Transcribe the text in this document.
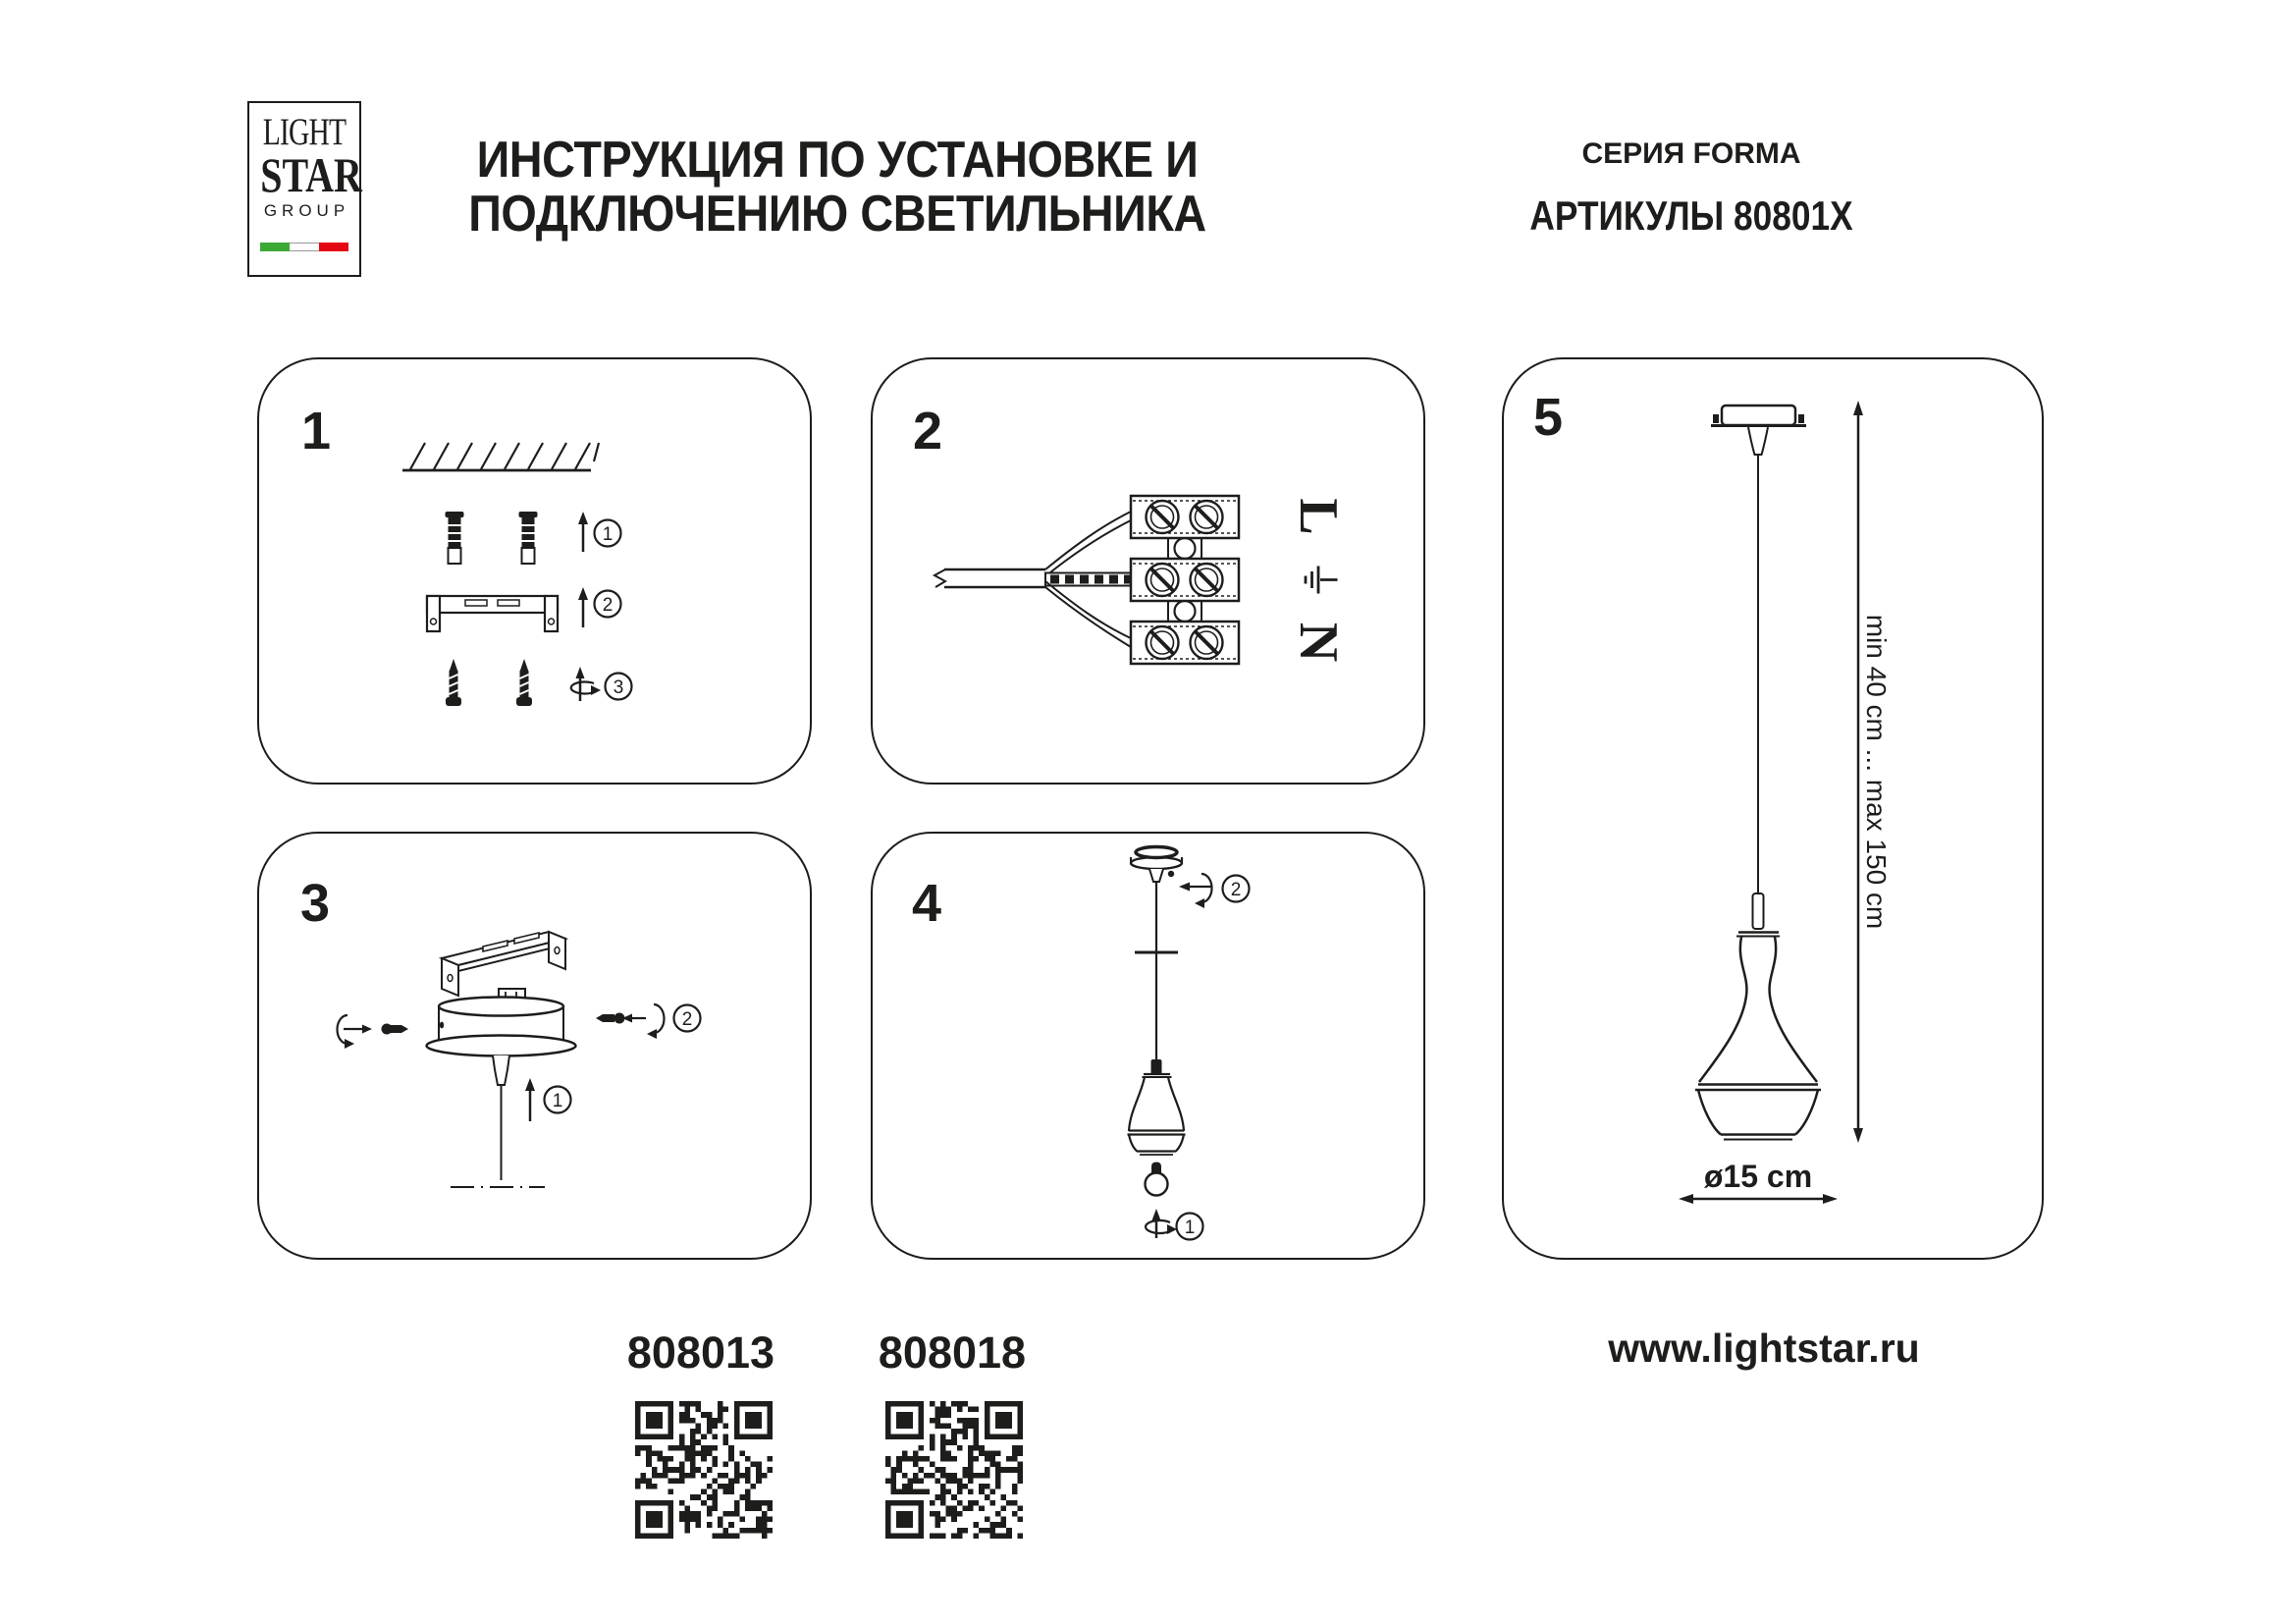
LIGHT
STAR
GROUP
ИНСТРУКЦИЯ ПО УСТАНОВКЕ И
ПОДКЛЮЧЕНИЮ СВЕТИЛЬНИКА
СЕРИЯ FORMA
АРТИКУЛЫ 80801X
1
1
2
3
2
L
N
3
2
1
4	2
1
5
min 40 cm ... max 150 cm
ø15 cm
808013	808018	www.lightstar.ru
